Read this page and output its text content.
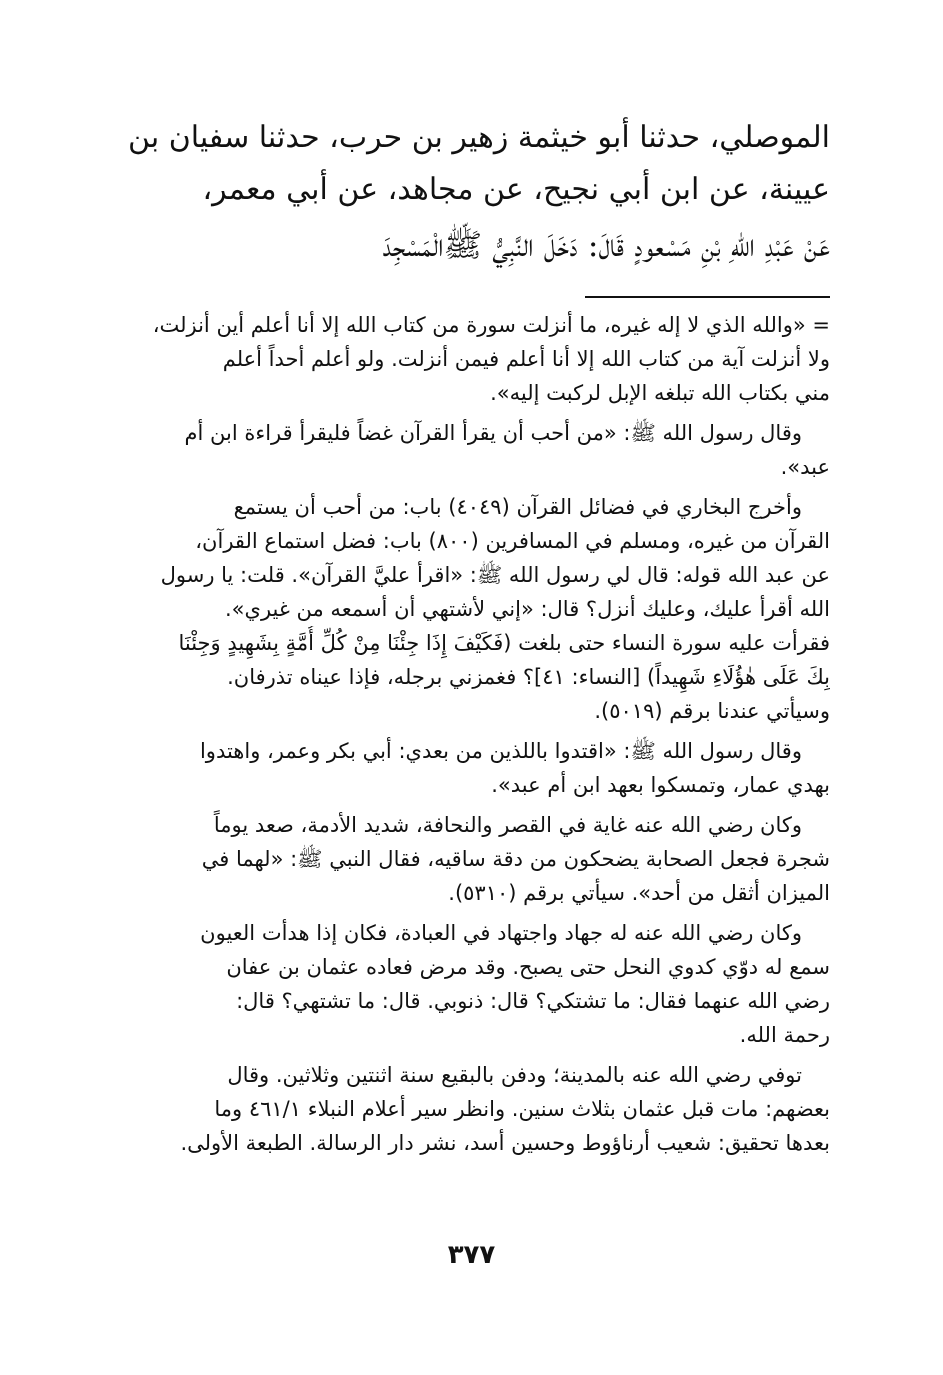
الموصلي، حدثنا أبو خيثمة زهير بن حرب، حدثنا سفيان بن
عيينة، عن ابن أبي نجيح، عن مجاهد، عن أبي معمر،
عَنْ عَبْدِ اللهِ بْنِ مَسْعودٍ قَالَ: دَخَلَ النَّبِيُّ ﷺالْمَسْجِدَ
= «والله الذي لا إله غيره، ما أنزلت سورة من كتاب الله إلا أنا أعلم أين أنزلت،
ولا أنزلت آية من كتاب الله إلا أنا أعلم فيمن أنزلت. ولو أعلم أحداً أعلم
مني بكتاب الله تبلغه الإبل لركبت إليه».
وقال رسول الله ﷺ: «من أحب أن يقرأ القرآن غضاً فليقرأ قراءة ابن أم
عبد».
وأخرج البخاري في فضائل القرآن (٤٠٤٩) باب: من أحب أن يستمع
القرآن من غيره، ومسلم في المسافرين (٨٠٠) باب: فضل استماع القرآن،
عن عبد الله قوله: قال لي رسول الله ﷺ: «اقرأ عليَّ القرآن». قلت: يا رسول
الله أقرأ عليك، وعليك أنزل؟ قال: «إني لأشتهي أن أسمعه من غيري».
فقرأت عليه سورة النساء حتى بلغت (فَكَيْفَ إِذَا جِئْنَا مِنْ كُلِّ أُمَّةٍ بِشَهِيدٍ وَجِئْنَا
بِكَ عَلَى هٰؤُلَاءِ شَهِيداً) [النساء: ٤١]؟ فغمزني برجله، فإذا عيناه تذرفان.
وسيأتي عندنا برقم (٥٠١٩).
وقال رسول الله ﷺ: «اقتدوا باللذين من بعدي: أبي بكر وعمر، واهتدوا
بهدي عمار، وتمسكوا بعهد ابن أم عبد».
وكان رضي الله عنه غاية في القصر والنحافة، شديد الأدمة، صعد يوماً
شجرة فجعل الصحابة يضحكون من دقة ساقيه، فقال النبي ﷺ: «لهما في
الميزان أثقل من أحد». سيأتي برقم (٥٣١٠).
وكان رضي الله عنه له جهاد واجتهاد في العبادة، فكان إذا هدأت العيون
سمع له دوّي كدوي النحل حتى يصبح. وقد مرض فعاده عثمان بن عفان
رضي الله عنهما فقال: ما تشتكي؟ قال: ذنوبي. قال: ما تشتهي؟ قال:
رحمة الله.
توفي رضي الله عنه بالمدينة؛ ودفن بالبقيع سنة اثنتين وثلاثين. وقال
بعضهم: مات قبل عثمان بثلاث سنين. وانظر سير أعلام النبلاء ٤٦١/١ وما
بعدها تحقيق: شعيب أرناؤوط وحسين أسد، نشر دار الرسالة. الطبعة الأولى.
٣٧٧
